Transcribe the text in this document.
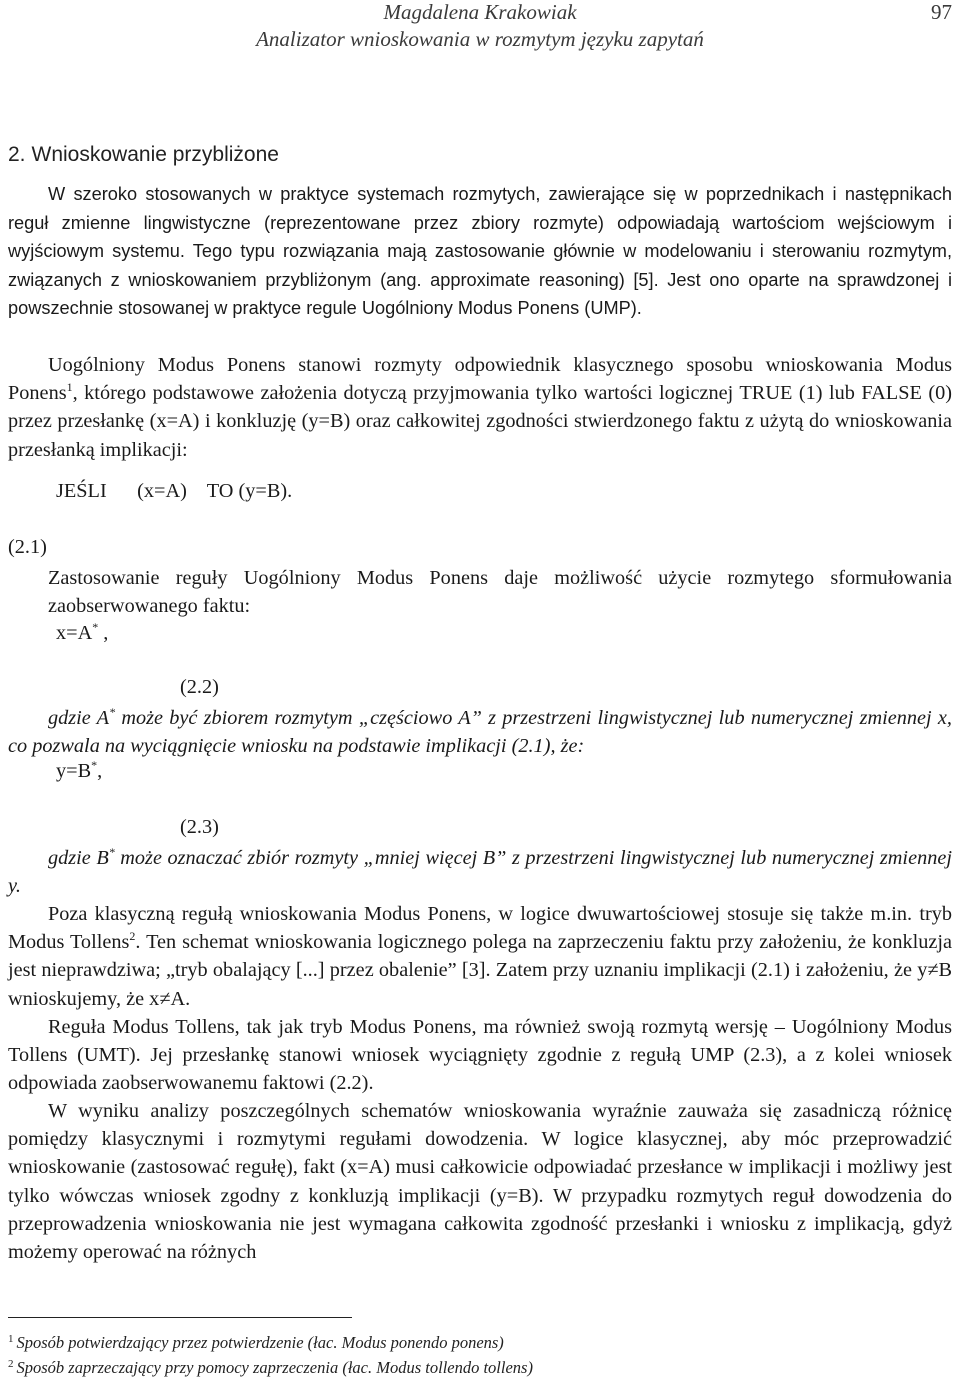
Magdalena Krakowiak
Analizator wnioskowania w rozmytym języku zapytań
97
2. Wnioskowanie przybliżone
W szeroko stosowanych w praktyce systemach rozmytych, zawierające się w poprzednikach i następnikach reguł zmienne lingwistyczne (reprezentowane przez zbiory rozmyte) odpowiadają wartościom wejściowym i wyjściowym systemu. Tego typu rozwiązania mają zastosowanie głównie w modelowaniu i sterowaniu rozmytym, związanych z wnioskowaniem przybliżonym (ang. approximate reasoning) [5]. Jest ono oparte na sprawdzonej i powszechnie stosowanej w praktyce regule Uogólniony Modus Ponens (UMP).
Uogólniony Modus Ponens stanowi rozmyty odpowiednik klasycznego sposobu wnioskowania Modus Ponens$^1$, którego podstawowe założenia dotyczą przyjmowania tylko wartości logicznej TRUE (1) lub FALSE (0) przez przesłankę (x=A) i konkluzję (y=B) oraz całkowitej zgodności stwierdzonego faktu z użytą do wnioskowania przesłanką implikacji:
JEŚLI      (x=A)    TO (y=B).
(2.1)
Zastosowanie reguły Uogólniony Modus Ponens daje możliwość użycie rozmytego sformułowania zaobserwowanego faktu:
x=A* ,
(2.2)
gdzie A* może być zbiorem rozmytym „częściowo A” z przestrzeni lingwistycznej lub numerycznej zmiennej x, co pozwala na wyciągnięcie wniosku na podstawie implikacji (2.1), że:
y=B*,
(2.3)
gdzie B* może oznaczać zbiór rozmyty „mniej więcej B” z przestrzeni lingwistycznej lub numerycznej zmiennej y.
Poza klasyczną regułą wnioskowania Modus Ponens, w logice dwuwartościowej stosuje się także m.in. tryb Modus Tollens$^2$. Ten schemat wnioskowania logicznego polega na zaprzeczeniu faktu przy założeniu, że konkluzja jest nieprawdziwa; „tryb obalający [...] przez obalenie” [3]. Zatem przy uznaniu implikacji (2.1) i założeniu, że y≠B wnioskujemy, że x≠A.
Reguła Modus Tollens, tak jak tryb Modus Ponens, ma również swoją rozmytą wersję – Uogólniony Modus Tollens (UMT). Jej przesłankę stanowi wniosek wyciągnięty zgodnie z regułą UMP (2.3), a z kolei wniosek odpowiada zaobserwowanemu faktowi (2.2).
W wyniku analizy poszczególnych schematów wnioskowania wyraźnie zauważa się zasadniczą różnicę pomiędzy klasycznymi i rozmytymi regułami dowodzenia. W logice klasycznej, aby móc przeprowadzić wnioskowanie (zastosować regułę), fakt (x=A) musi całkowicie odpowiadać przesłance w implikacji i możliwy jest tylko wówczas wniosek zgodny z konkluzją implikacji (y=B). W przypadku rozmytych reguł dowodzenia do przeprowadzenia wnioskowania nie jest wymagana całkowita zgodność przesłanki i wniosku z implikacją, gdyż możemy operować na różnych
$^1$ Sposób potwierdzający przez potwierdzenie (łac. Modus ponendo ponens)
$^2$ Sposób zaprzeczający przy pomocy zaprzeczenia (łac. Modus tollendo tollens)
